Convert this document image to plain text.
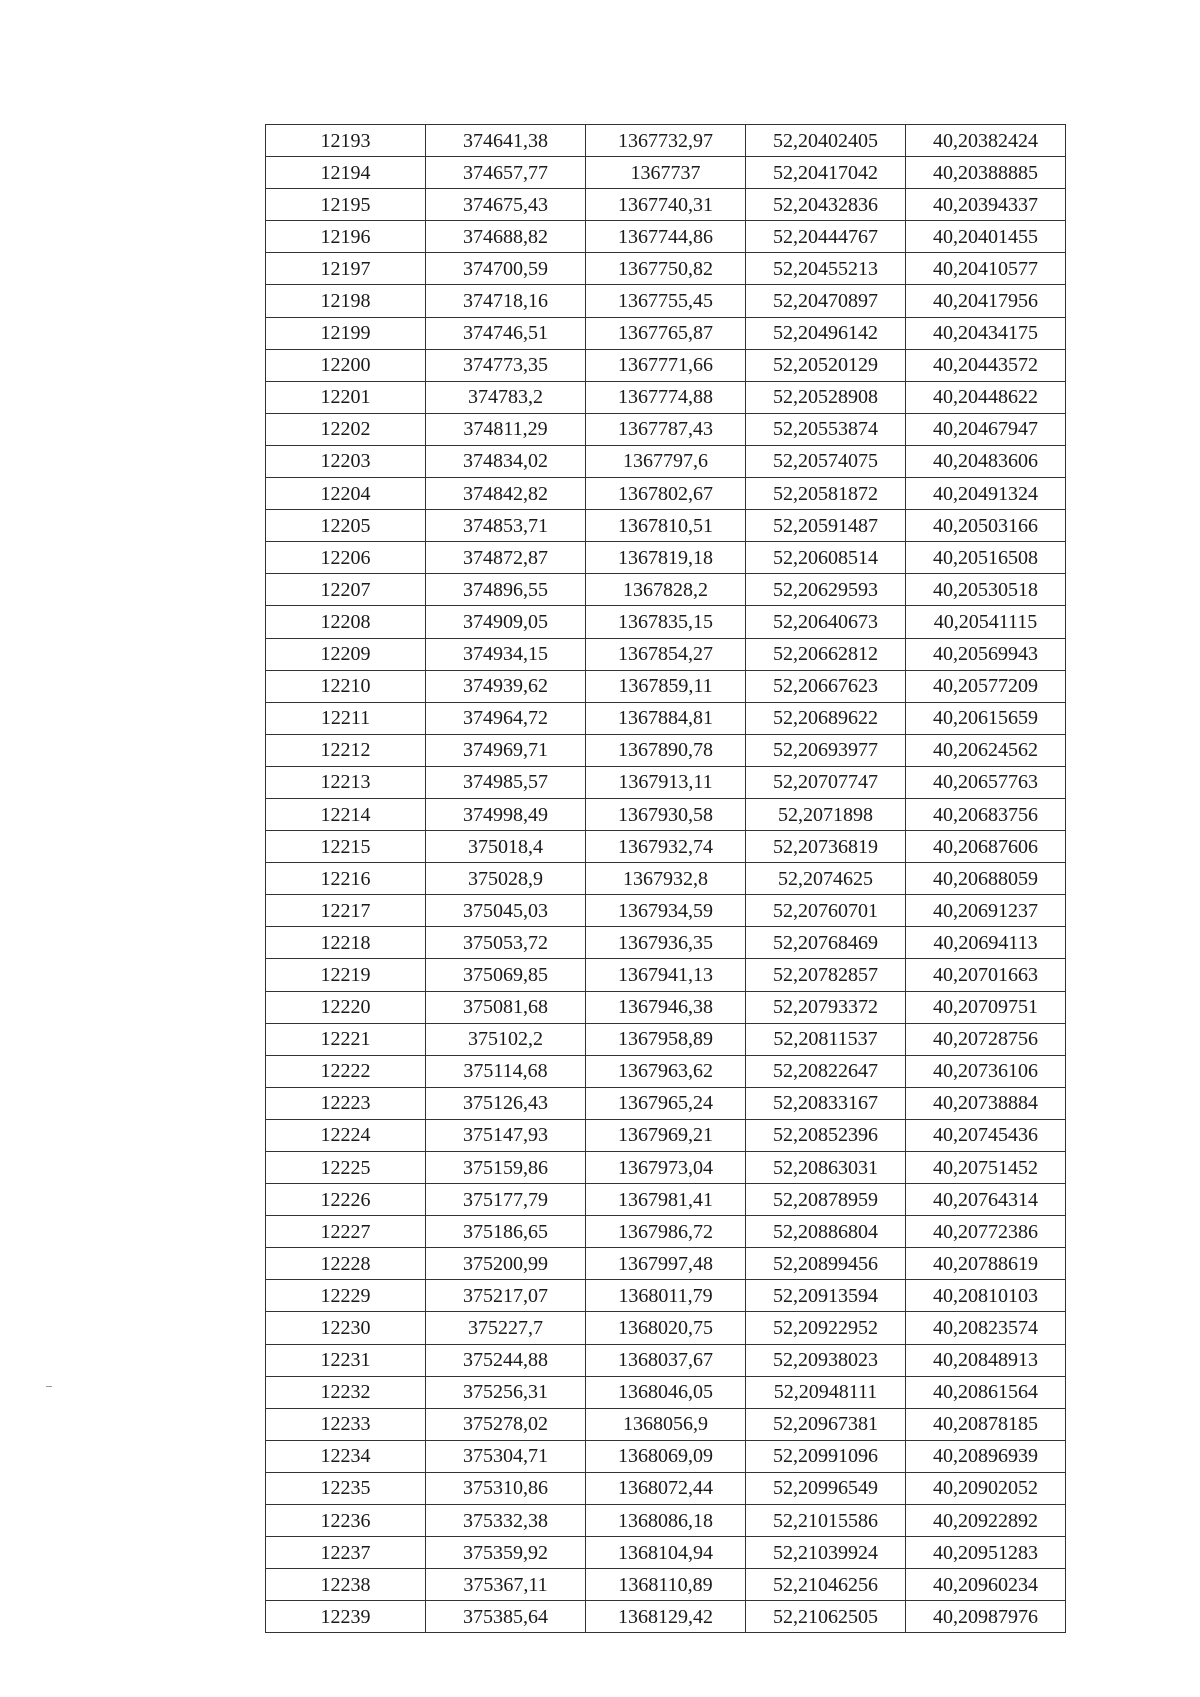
12193	374641,38	1367732,97	52,20402405	40,20382424
12194	374657,77	1367737	52,20417042	40,20388885
12195	374675,43	1367740,31	52,20432836	40,20394337
12196	374688,82	1367744,86	52,20444767	40,20401455
12197	374700,59	1367750,82	52,20455213	40,20410577
12198	374718,16	1367755,45	52,20470897	40,20417956
12199	374746,51	1367765,87	52,20496142	40,20434175
12200	374773,35	1367771,66	52,20520129	40,20443572
12201	374783,2	1367774,88	52,20528908	40,20448622
12202	374811,29	1367787,43	52,20553874	40,20467947
12203	374834,02	1367797,6	52,20574075	40,20483606
12204	374842,82	1367802,67	52,20581872	40,20491324
12205	374853,71	1367810,51	52,20591487	40,20503166
12206	374872,87	1367819,18	52,20608514	40,20516508
12207	374896,55	1367828,2	52,20629593	40,20530518
12208	374909,05	1367835,15	52,20640673	40,20541115
12209	374934,15	1367854,27	52,20662812	40,20569943
12210	374939,62	1367859,11	52,20667623	40,20577209
12211	374964,72	1367884,81	52,20689622	40,20615659
12212	374969,71	1367890,78	52,20693977	40,20624562
12213	374985,57	1367913,11	52,20707747	40,20657763
12214	374998,49	1367930,58	52,2071898	40,20683756
12215	375018,4	1367932,74	52,20736819	40,20687606
12216	375028,9	1367932,8	52,2074625	40,20688059
12217	375045,03	1367934,59	52,20760701	40,20691237
12218	375053,72	1367936,35	52,20768469	40,20694113
12219	375069,85	1367941,13	52,20782857	40,20701663
12220	375081,68	1367946,38	52,20793372	40,20709751
12221	375102,2	1367958,89	52,20811537	40,20728756
12222	375114,68	1367963,62	52,20822647	40,20736106
12223	375126,43	1367965,24	52,20833167	40,20738884
12224	375147,93	1367969,21	52,20852396	40,20745436
12225	375159,86	1367973,04	52,20863031	40,20751452
12226	375177,79	1367981,41	52,20878959	40,20764314
12227	375186,65	1367986,72	52,20886804	40,20772386
12228	375200,99	1367997,48	52,20899456	40,20788619
12229	375217,07	1368011,79	52,20913594	40,20810103
12230	375227,7	1368020,75	52,20922952	40,20823574
12231	375244,88	1368037,67	52,20938023	40,20848913
12232	375256,31	1368046,05	52,20948111	40,20861564
12233	375278,02	1368056,9	52,20967381	40,20878185
12234	375304,71	1368069,09	52,20991096	40,20896939
12235	375310,86	1368072,44	52,20996549	40,20902052
12236	375332,38	1368086,18	52,21015586	40,20922892
12237	375359,92	1368104,94	52,21039924	40,20951283
12238	375367,11	1368110,89	52,21046256	40,20960234
12239	375385,64	1368129,42	52,21062505	40,20987976
